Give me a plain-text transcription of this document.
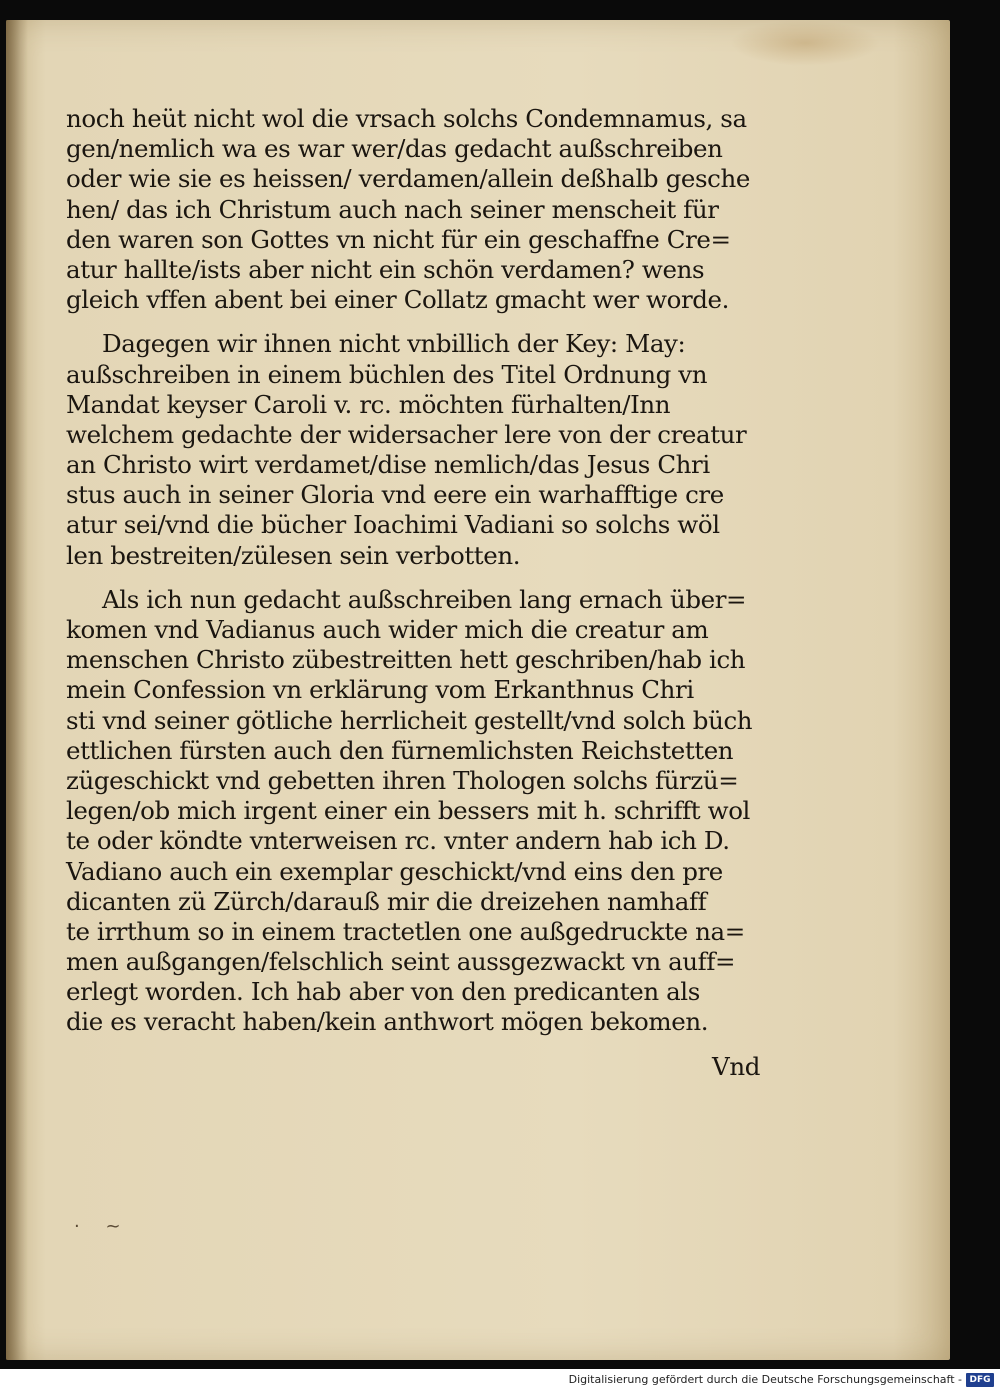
noch heüt nicht wol die vrsach solchs Condemnamus, sa
gen/nemlich wa es war wer/das gedacht außschreiben
oder wie sie es heissen/ verdamen/allein deßhalb gesche
hen/ das ich Christum auch nach seiner menscheit für
den waren son Gottes vn nicht für ein geschaffne Cre=
atur hallte/ists aber nicht ein schön verdamen? wens
gleich vffen abent bei einer Collatz gmacht wer worde.
Dagegen wir ihnen nicht vnbillich der Key: May:
außschreiben in einem büchlen des Titel Ordnung vn
Mandat keyser Caroli v. rc. möchten fürhalten/Inn
welchem gedachte der widersacher lere von der creatur
an Christo wirt verdamet/dise nemlich/das Jesus Chri
stus auch in seiner Gloria vnd eere ein warhafftige cre
atur sei/vnd die bücher Ioachimi Vadiani so solchs wöl
len bestreiten/zülesen sein verbotten.
Als ich nun gedacht außschreiben lang ernach über=
komen vnd Vadianus auch wider mich die creatur am
menschen Christo zübestreitten hett geschriben/hab ich
mein Confession vn erklärung vom Erkanthnus Chri
sti vnd seiner götliche herrlicheit gestellt/vnd solch büch
ettlichen fürsten auch den fürnemlichsten Reichstetten
zügeschickt vnd gebetten ihren Thologen solchs fürzü=
legen/ob mich irgent einer ein bessers mit h. schrifft wol
te oder köndte vnterweisen rc. vnter andern hab ich D.
Vadiano auch ein exemplar geschickt/vnd eins den pre
dicanten zü Zürch/darauß mir die dreizehen namhaff
te irrthum so in einem tractetlen one außgedruckte na=
men außgangen/felschlich seint aussgezwackt vn auff=
erlegt worden. Ich hab aber von den predicanten als
die es veracht haben/kein anthwort mögen bekomen.
Vnd
· ~
Digitalisierung gefördert durch die Deutsche Forschungsgemeinschaft - DFG
